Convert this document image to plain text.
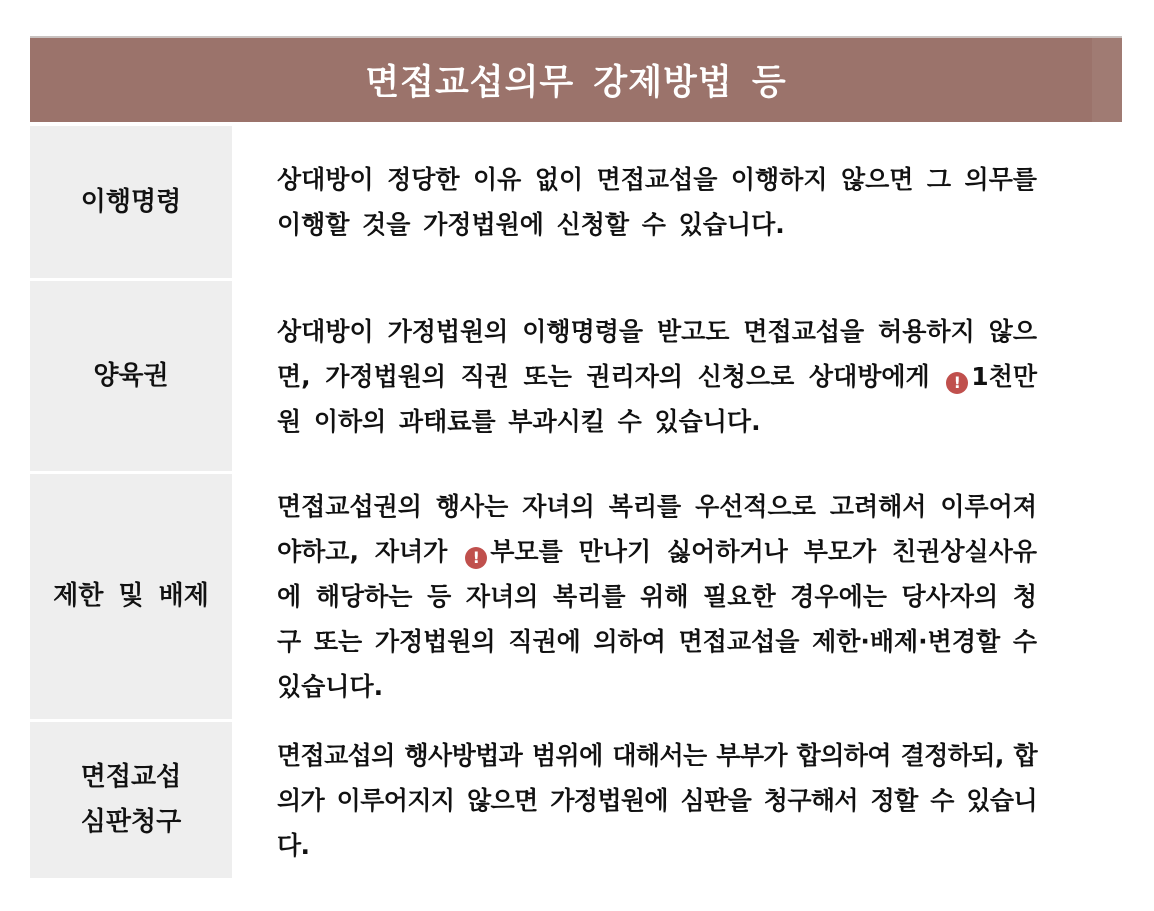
면접교섭의무 강제방법 등
이행명령
상대방이 정당한 이유 없이 면접교섭을 이행하지 않으면 그 의무를 이행할 것을 가정법원에 신청할 수 있습니다.
양육권
상대방이 가정법원의 이행명령을 받고도 면접교섭을 허용하지 않으면, 가정법원의 직권 또는 권리자의 신청으로 상대방에게 ! 1천만원 이하의 과태료를 부과시킬 수 있습니다.
제한 및 배제
면접교섭권의 행사는 자녀의 복리를 우선적으로 고려해서 이루어져야하고, 자녀가 ! 부모를 만나기 싫어하거나 부모가 친권상실사유에 해당하는 등 자녀의 복리를 위해 필요한 경우에는 당사자의 청구 또는 가정법원의 직권에 의하여 면접교섭을 제한·배제·변경할 수 있습니다.
면접교섭
심판청구
면접교섭의 행사방법과 범위에 대해서는 부부가 합의하여 결정하되, 합의가 이루어지지 않으면 가정법원에 심판을 청구해서 정할 수 있습니다.
